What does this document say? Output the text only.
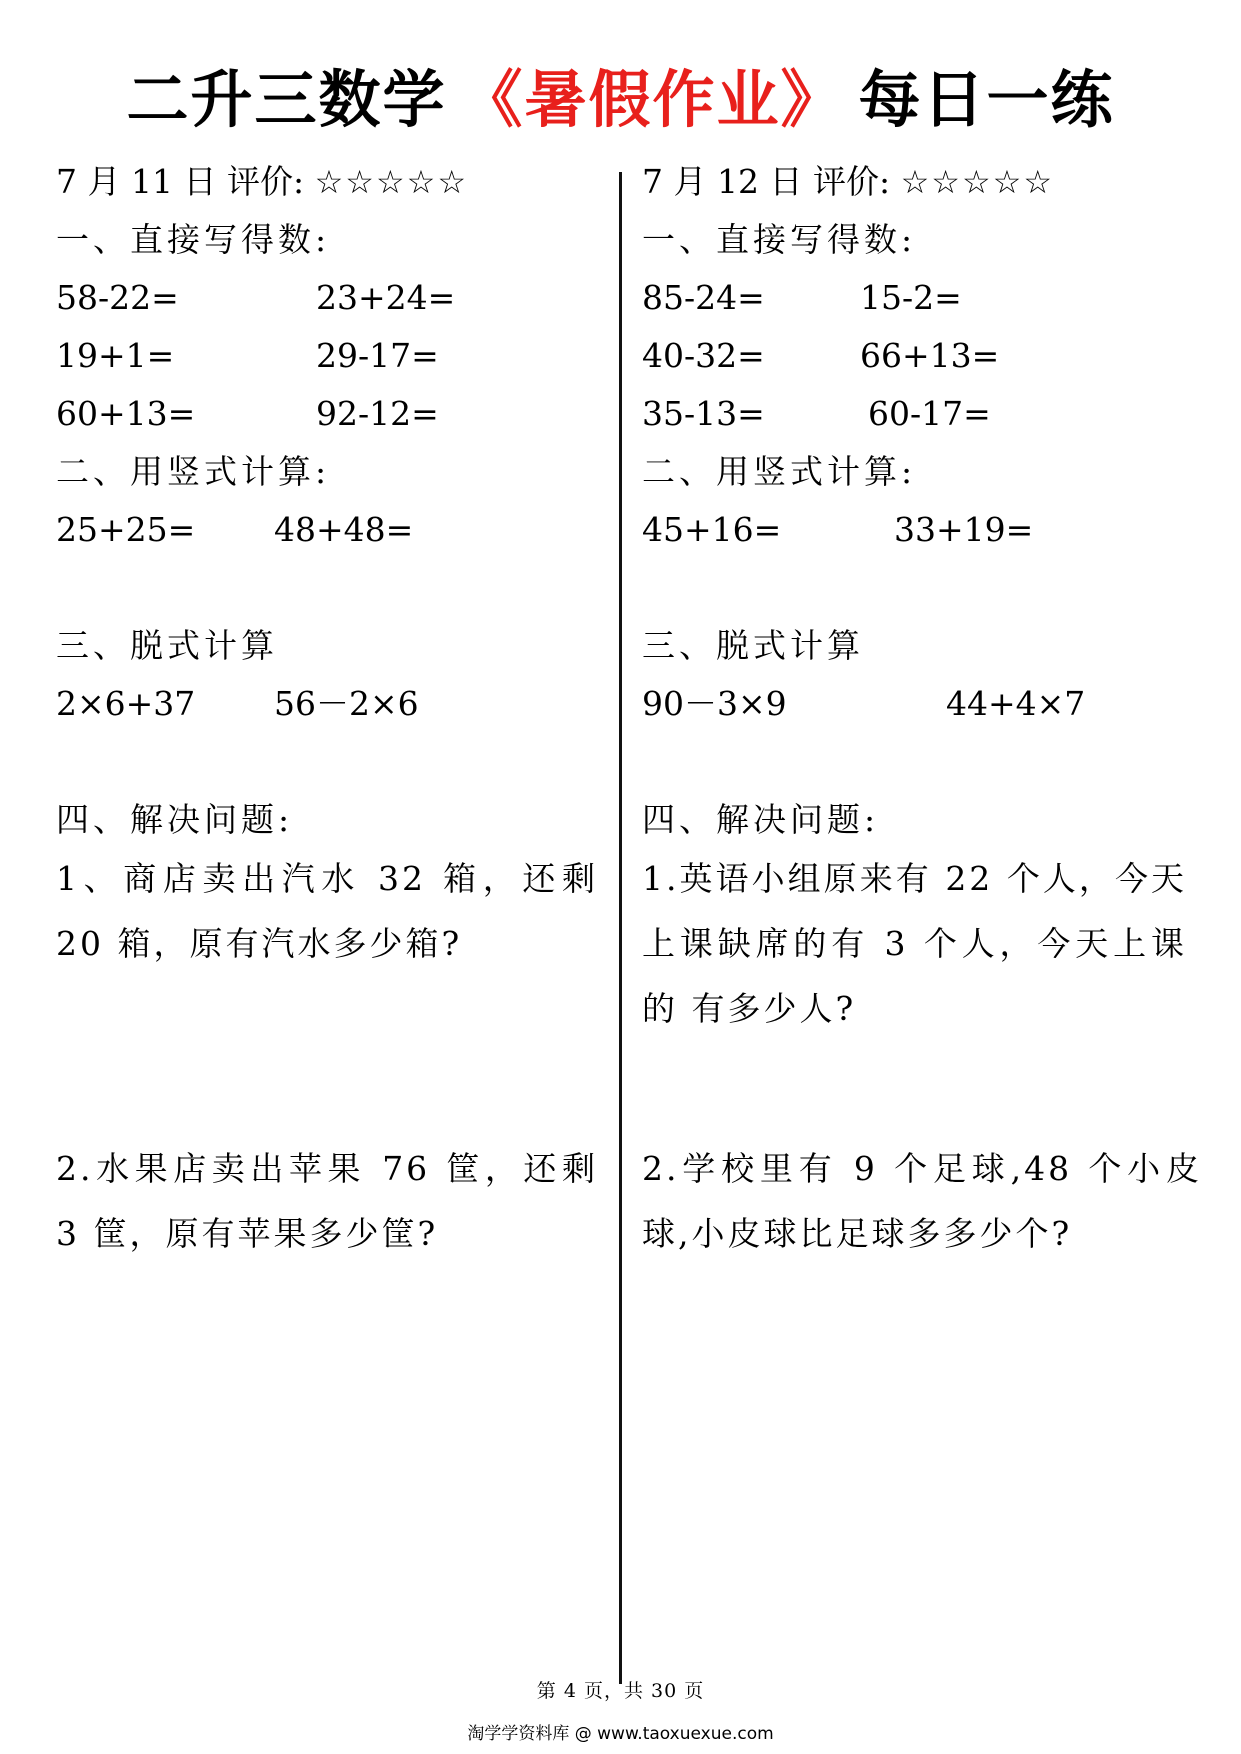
二升三数学 《暑假作业》 每日一练
7 月 11 日 评价: ☆☆☆☆☆
一、直接写得数:
58-22=	23+24=
19+1=	29-17=
60+13=	92-12=
二、用竖式计算:
25+25= 48+48=
三、脱式计算
2×6+37 56－2×6
四、解决问题:
1、商店卖出汽水 32 箱，还剩 20 箱，原有汽水多少箱?
2.水果店卖出苹果 76 筐，还剩 3 筐，原有苹果多少筐?
7 月 12 日 评价: ☆☆☆☆☆
一、直接写得数:
85-24=	15-2=
40-32=	66+13=
35-13=	60-17=
二、用竖式计算:
45+16=	33+19=
三、脱式计算
90－3×9	44+4×7
四、解决问题:
1.英语小组原来有 22 个人，今天上课缺席的有 3 个人，今天上课的 有多少人?
2.学校里有 9 个足球,48 个小皮球,小皮球比足球多多少个?
第 4 页，共 30 页
淘学学资料库 @ www.taoxuexue.com
